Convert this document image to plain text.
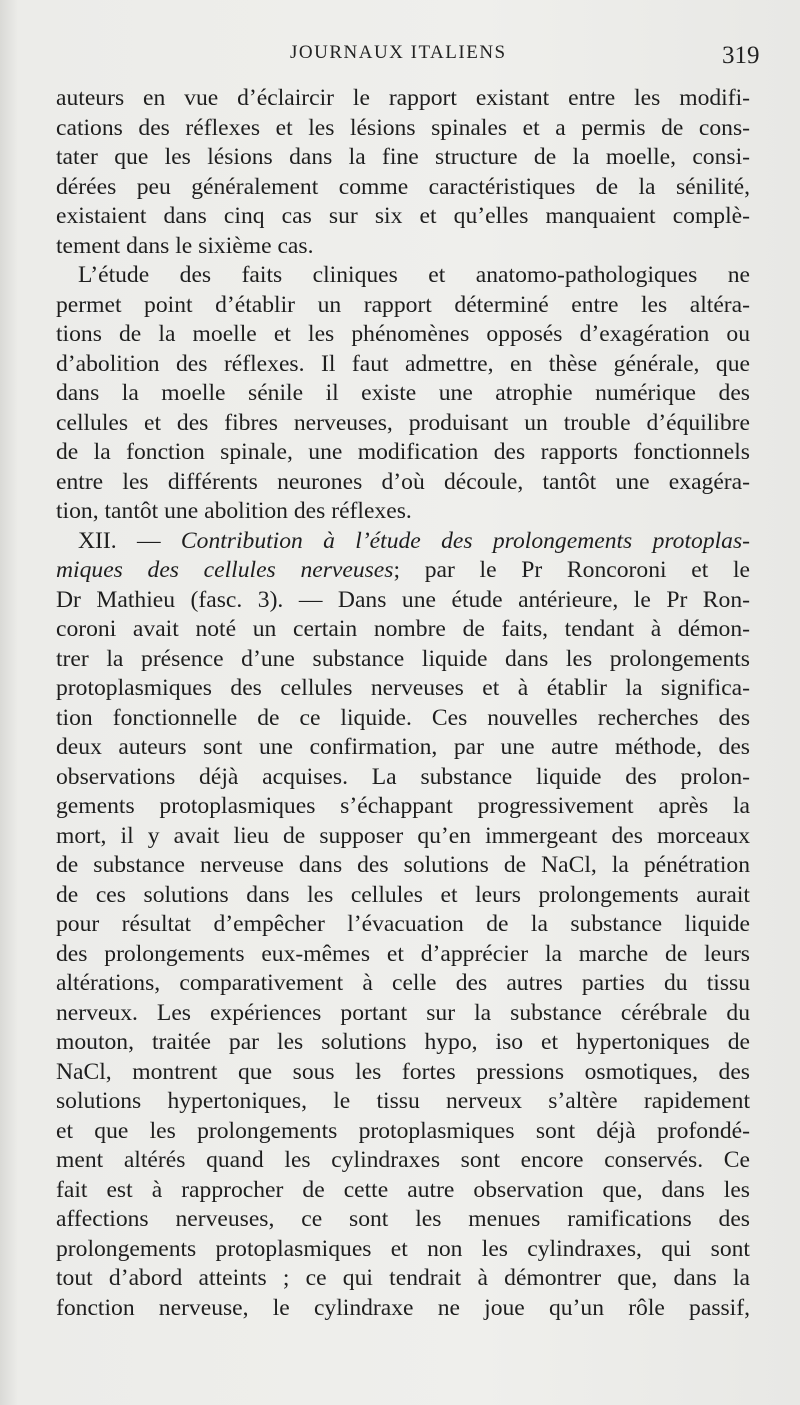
JOURNAUX ITALIENS	319
auteurs en vue d’éclaircir le rapport existant entre les modifi-
cations des réflexes et les lésions spinales et a permis de cons-
tater que les lésions dans la fine structure de la moelle, consi-
dérées peu généralement comme caractéristiques de la sénilité,
existaient dans cinq cas sur six et qu’elles manquaient complè-
tement dans le sixième cas.
L’étude des faits cliniques et anatomo-pathologiques ne
permet point d’établir un rapport déterminé entre les altéra-
tions de la moelle et les phénomènes opposés d’exagération ou
d’abolition des réflexes. Il faut admettre, en thèse générale, que
dans la moelle sénile il existe une atrophie numérique des
cellules et des fibres nerveuses, produisant un trouble d’équilibre
de la fonction spinale, une modification des rapports fonctionnels
entre les différents neurones d’où découle, tantôt une exagéra-
tion, tantôt une abolition des réflexes.
XII. — Contribution à l’étude des prolongements protoplas-
miques des cellules nerveuses; par le Pr Roncoroni et le
Dr Mathieu (fasc. 3). — Dans une étude antérieure, le Pr Ron-
coroni avait noté un certain nombre de faits, tendant à démon-
trer la présence d’une substance liquide dans les prolongements
protoplasmiques des cellules nerveuses et à établir la significa-
tion fonctionnelle de ce liquide. Ces nouvelles recherches des
deux auteurs sont une confirmation, par une autre méthode, des
observations déjà acquises. La substance liquide des prolon-
gements protoplasmiques s’échappant progressivement après la
mort, il y avait lieu de supposer qu’en immergeant des morceaux
de substance nerveuse dans des solutions de NaCl, la pénétration
de ces solutions dans les cellules et leurs prolongements aurait
pour résultat d’empêcher l’évacuation de la substance liquide
des prolongements eux-mêmes et d’apprécier la marche de leurs
altérations, comparativement à celle des autres parties du tissu
nerveux. Les expériences portant sur la substance cérébrale du
mouton, traitée par les solutions hypo, iso et hypertoniques de
NaCl, montrent que sous les fortes pressions osmotiques, des
solutions hypertoniques, le tissu nerveux s’altère rapidement
et que les prolongements protoplasmiques sont déjà profondé-
ment altérés quand les cylindraxes sont encore conservés. Ce
fait est à rapprocher de cette autre observation que, dans les
affections nerveuses, ce sont les menues ramifications des
prolongements protoplasmiques et non les cylindraxes, qui sont
tout d’abord atteints ; ce qui tendrait à démontrer que, dans la
fonction nerveuse, le cylindraxe ne joue qu’un rôle passif,
